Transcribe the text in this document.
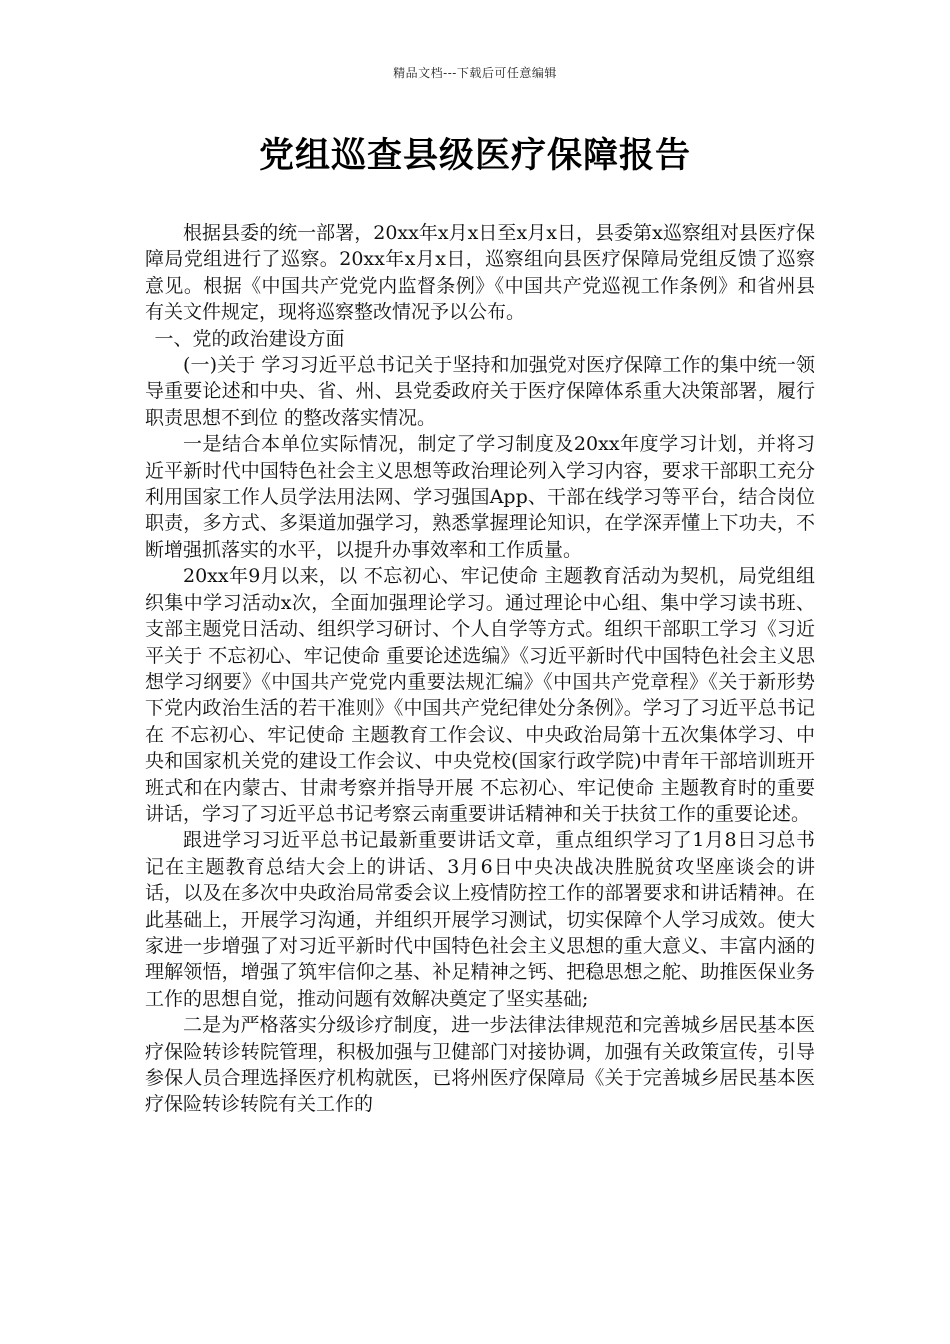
精品文档---下载后可任意编辑
党组巡查县级医疗保障报告

根据县委的统一部署，20xx年x月x日至x月x日，县委第x巡察组对县医疗保障局党组进行了巡察。20xx年x月x日，巡察组向县医疗保障局党组反馈了巡察意见。根据《中国共产党党内监督条例》《中国共产党巡视工作条例》和省州县有关文件规定，现将巡察整改情况予以公布。

一、党的政治建设方面

(一)关于 学习习近平总书记关于坚持和加强党对医疗保障工作的集中统一领导重要论述和中央、省、州、县党委政府关于医疗保障体系重大决策部署，履行职责思想不到位 的整改落实情况。

一是结合本单位实际情况，制定了学习制度及20xx年度学习计划，并将习近平新时代中国特色社会主义思想等政治理论列入学习内容，要求干部职工充分利用国家工作人员学法用法网、学习强国App、干部在线学习等平台，结合岗位职责，多方式、多渠道加强学习，熟悉掌握理论知识，在学深弄懂上下功夫，不断增强抓落实的水平，以提升办事效率和工作质量。

20xx年9月以来，以 不忘初心、牢记使命 主题教育活动为契机，局党组组织集中学习活动x次，全面加强理论学习。通过理论中心组、集中学习读书班、支部主题党日活动、组织学习研讨、个人自学等方式。组织干部职工学习《习近平关于 不忘初心、牢记使命 重要论述选编》《习近平新时代中国特色社会主义思想学习纲要》《中国共产党党内重要法规汇编》《中国共产党章程》《关于新形势下党内政治生活的若干准则》《中国共产党纪律处分条例》。学习了习近平总书记在 不忘初心、牢记使命 主题教育工作会议、中央政治局第十五次集体学习、中央和国家机关党的建设工作会议、中央党校(国家行政学院)中青年干部培训班开班式和在内蒙古、甘肃考察并指导开展 不忘初心、牢记使命 主题教育时的重要讲话，学习了习近平总书记考察云南重要讲话精神和关于扶贫工作的重要论述。

跟进学习习近平总书记最新重要讲话文章，重点组织学习了1月8日习总书记在主题教育总结大会上的讲话、3月6日中央决战决胜脱贫攻坚座谈会的讲话，以及在多次中央政治局常委会议上疫情防控工作的部署要求和讲话精神。在此基础上，开展学习沟通，并组织开展学习测试，切实保障个人学习成效。使大家进一步增强了对习近平新时代中国特色社会主义思想的重大意义、丰富内涵的理解领悟，增强了筑牢信仰之基、补足精神之钙、把稳思想之舵、助推医保业务工作的思想自觉，推动问题有效解决奠定了坚实基础;

二是为严格落实分级诊疗制度，进一步法律法律规范和完善城乡居民基本医疗保险转诊转院管理，积极加强与卫健部门对接协调，加强有关政策宣传，引导参保人员合理选择医疗机构就医，已将州医疗保障局《关于完善城乡居民基本医疗保险转诊转院有关工作的
